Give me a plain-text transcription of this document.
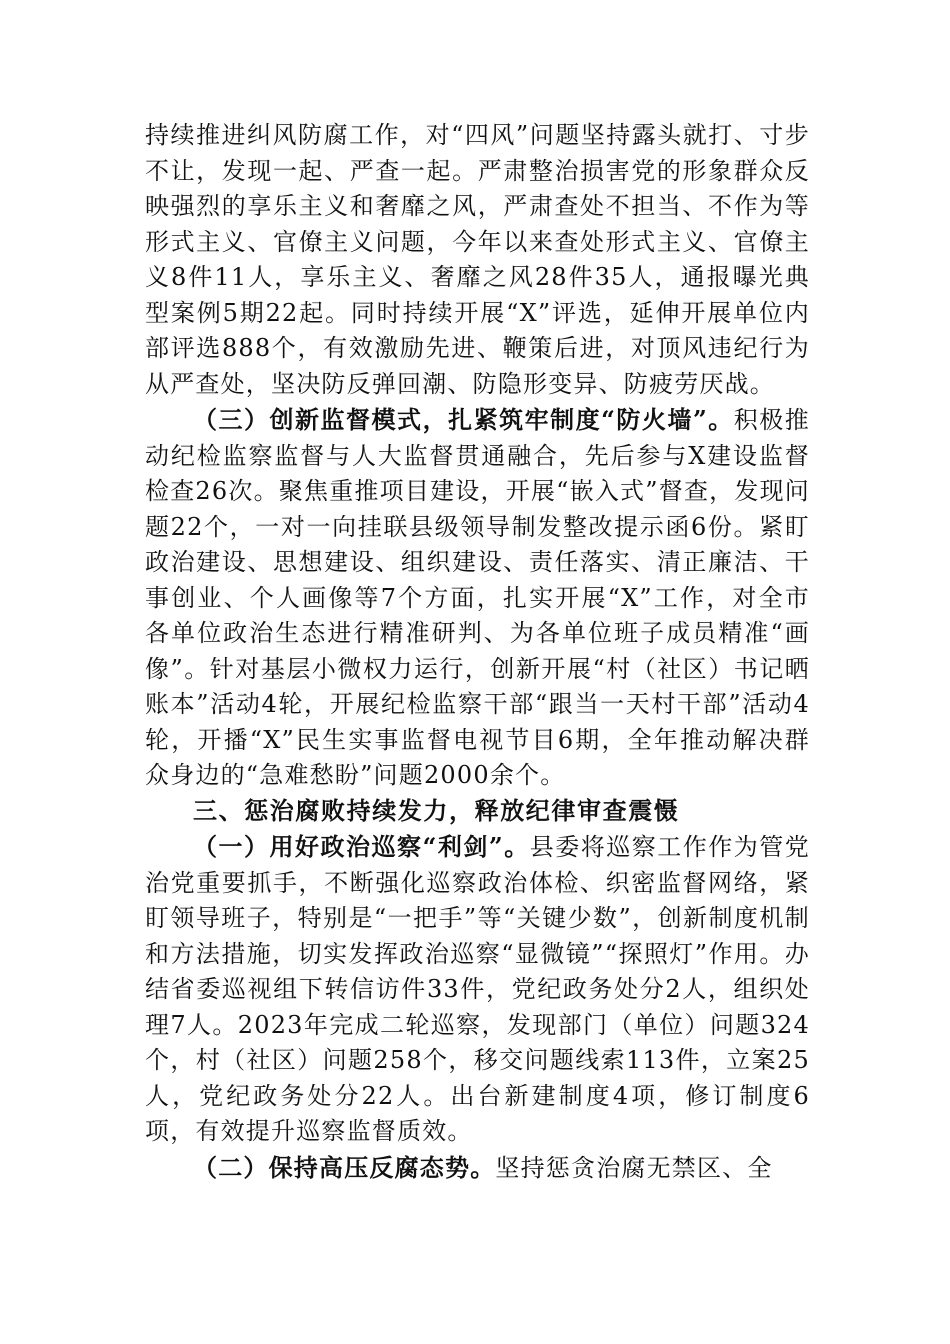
持续推进纠风防腐工作，对“四风”问题坚持露头就打、寸步不让，发现一起、严查一起。严肃整治损害党的形象群众反映强烈的享乐主义和奢靡之风，严肃查处不担当、不作为等形式主义、官僚主义问题，今年以来查处形式主义、官僚主义8件11人，享乐主义、奢靡之风28件35人，通报曝光典型案例5期22起。同时持续开展“X”评选，延伸开展单位内部评选888个，有效激励先进、鞭策后进，对顶风违纪行为从严查处，坚决防反弹回潮、防隐形变异、防疲劳厌战。

（三）创新监督模式，扎紧筑牢制度“防火墙”。积极推动纪检监察监督与人大监督贯通融合，先后参与X建设监督检查26次。聚焦重推项目建设，开展“嵌入式”督查，发现问题22个，一对一向挂联县级领导制发整改提示函6份。紧盯政治建设、思想建设、组织建设、责任落实、清正廉洁、干事创业、个人画像等7个方面，扎实开展“X”工作，对全市各单位政治生态进行精准研判、为各单位班子成员精准“画像”。针对基层小微权力运行，创新开展“村（社区）书记晒账本”活动4轮，开展纪检监察干部“跟当一天村干部”活动4轮，开播“X”民生实事监督电视节目6期，全年推动解决群众身边的“急难愁盼”问题2000余个。

三、惩治腐败持续发力，释放纪律审查震慑

（一）用好政治巡察“利剑”。县委将巡察工作作为管党治党重要抓手，不断强化巡察政治体检、织密监督网络，紧盯领导班子，特别是“一把手”等“关键少数”，创新制度机制和方法措施，切实发挥政治巡察“显微镜”“探照灯”作用。办结省委巡视组下转信访件33件，党纪政务处分2人，组织处理7人。2023年完成二轮巡察，发现部门（单位）问题324个，村（社区）问题258个，移交问题线索113件，立案25人，党纪政务处分22人。出台新建制度4项，修订制度6项，有效提升巡察监督质效。

（二）保持高压反腐态势。坚持惩贪治腐无禁区、全
